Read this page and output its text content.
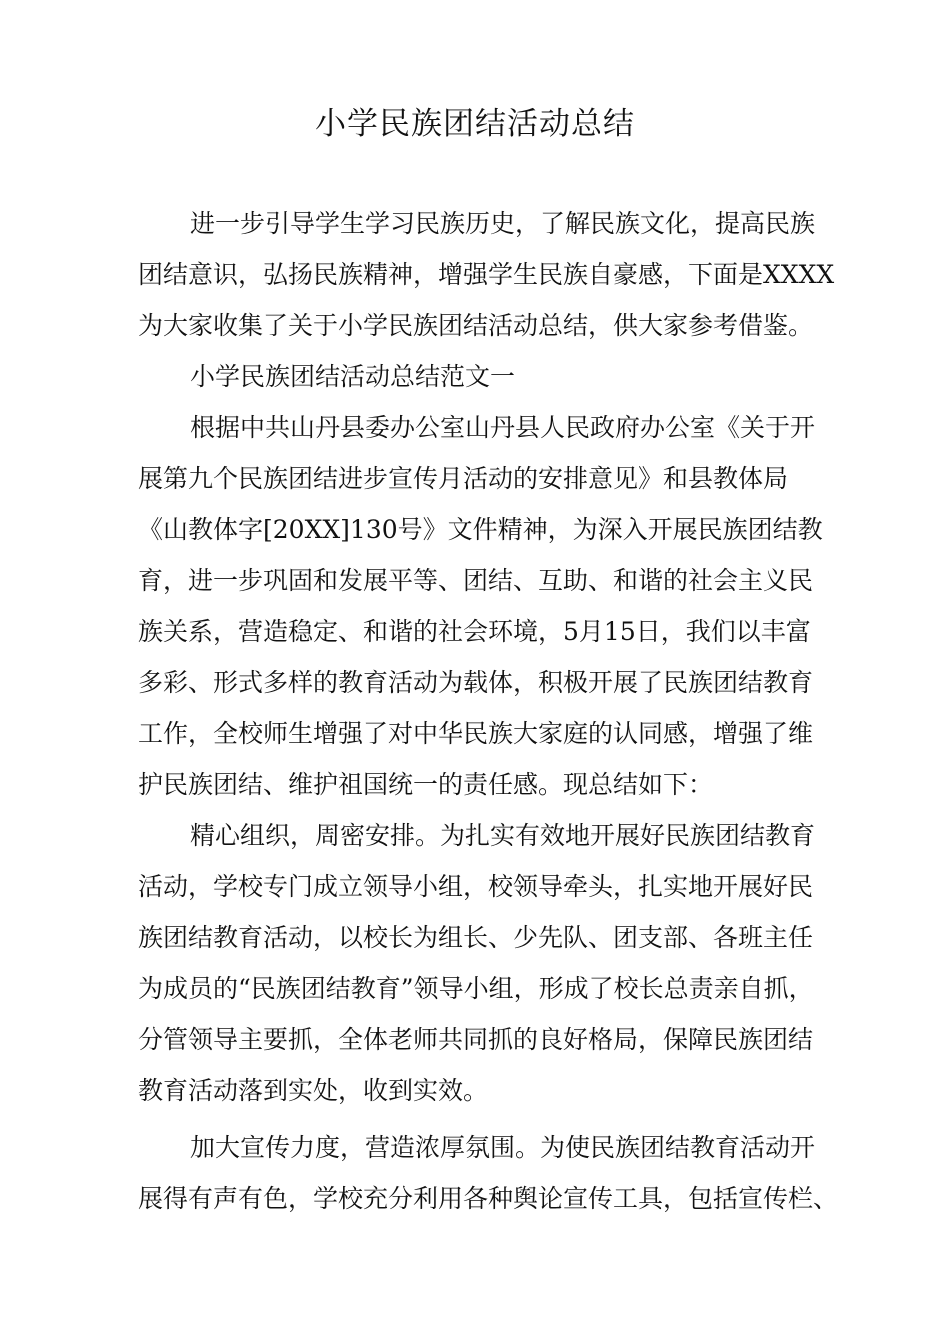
小学民族团结活动总结
进一步引导学生学习民族历史，了解民族文化，提高民族
团结意识，弘扬民族精神，增强学生民族自豪感，下面是XXXX
为大家收集了关于小学民族团结活动总结，供大家参考借鉴。
小学民族团结活动总结范文一
根据中共山丹县委办公室山丹县人民政府办公室《关于开
展第九个民族团结进步宣传月活动的安排意见》和县教体局
《山教体字[20XX]130号》文件精神，为深入开展民族团结教
育，进一步巩固和发展平等、团结、互助、和谐的社会主义民
族关系，营造稳定、和谐的社会环境，5月15日，我们以丰富
多彩、形式多样的教育活动为载体，积极开展了民族团结教育
工作，全校师生增强了对中华民族大家庭的认同感，增强了维
护民族团结、维护祖国统一的责任感。现总结如下：
精心组织，周密安排。为扎实有效地开展好民族团结教育
活动，学校专门成立领导小组，校领导牵头，扎实地开展好民
族团结教育活动，以校长为组长、少先队、团支部、各班主任
为成员的“民族团结教育”领导小组，形成了校长总责亲自抓，
分管领导主要抓，全体老师共同抓的良好格局，保障民族团结
教育活动落到实处，收到实效。
加大宣传力度，营造浓厚氛围。为使民族团结教育活动开
展得有声有色，学校充分利用各种舆论宣传工具，包括宣传栏、
